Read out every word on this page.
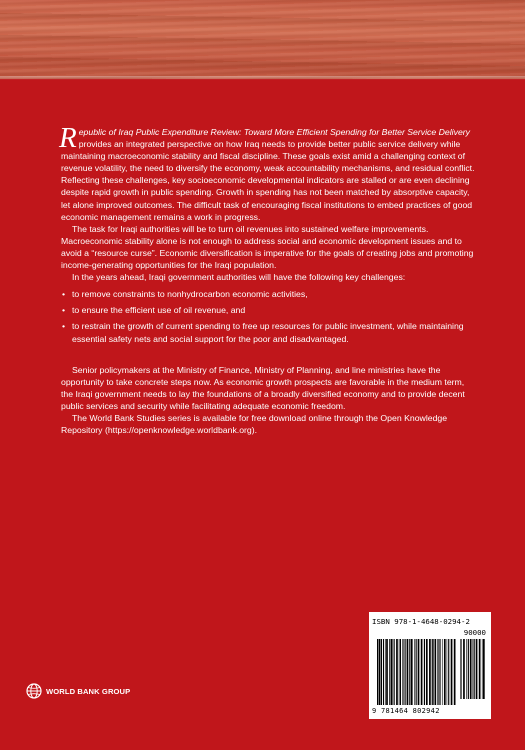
Republic of Iraq Public Expenditure Review: Toward More Efficient Spending for Better Service Delivery provides an integrated perspective on how Iraq needs to provide better public service delivery while maintaining macroeconomic stability and fiscal discipline. These goals exist amid a challenging context of revenue volatility, the need to diversify the economy, weak accountability mechanisms, and residual conflict. Reflecting these challenges, key socioeconomic developmental indicators are stalled or are even declining despite rapid growth in public spending. Growth in spending has not been matched by absorptive capacity, let alone improved outcomes. The difficult task of encouraging fiscal institutions to embed practices of good economic management remains a work in progress.

The task for Iraqi authorities will be to turn oil revenues into sustained welfare improvements. Macroeconomic stability alone is not enough to address social and economic development issues and to avoid a “resource curse”. Economic diversification is imperative for the goals of creating jobs and promoting income-generating opportunities for the Iraqi population.

In the years ahead, Iraqi government authorities will have the following key challenges:

• to remove constraints to nonhydrocarbon economic activities,
• to ensure the efficient use of oil revenue, and
• to restrain the growth of current spending to free up resources for public investment, while maintaining essential safety nets and social support for the poor and disadvantaged.

Senior policymakers at the Ministry of Finance, Ministry of Planning, and line ministries have the opportunity to take concrete steps now. As economic growth prospects are favorable in the medium term, the Iraqi government needs to lay the foundations of a broadly diversified economy and to provide decent public services and security while facilitating adequate economic freedom.

The World Bank Studies series is available for free download online through the Open Knowledge Repository (https://openknowledge.worldbank.org).

WORLD BANK GROUP
ISBN 978-1-4648-0294-2
90000
9 781464 802942
